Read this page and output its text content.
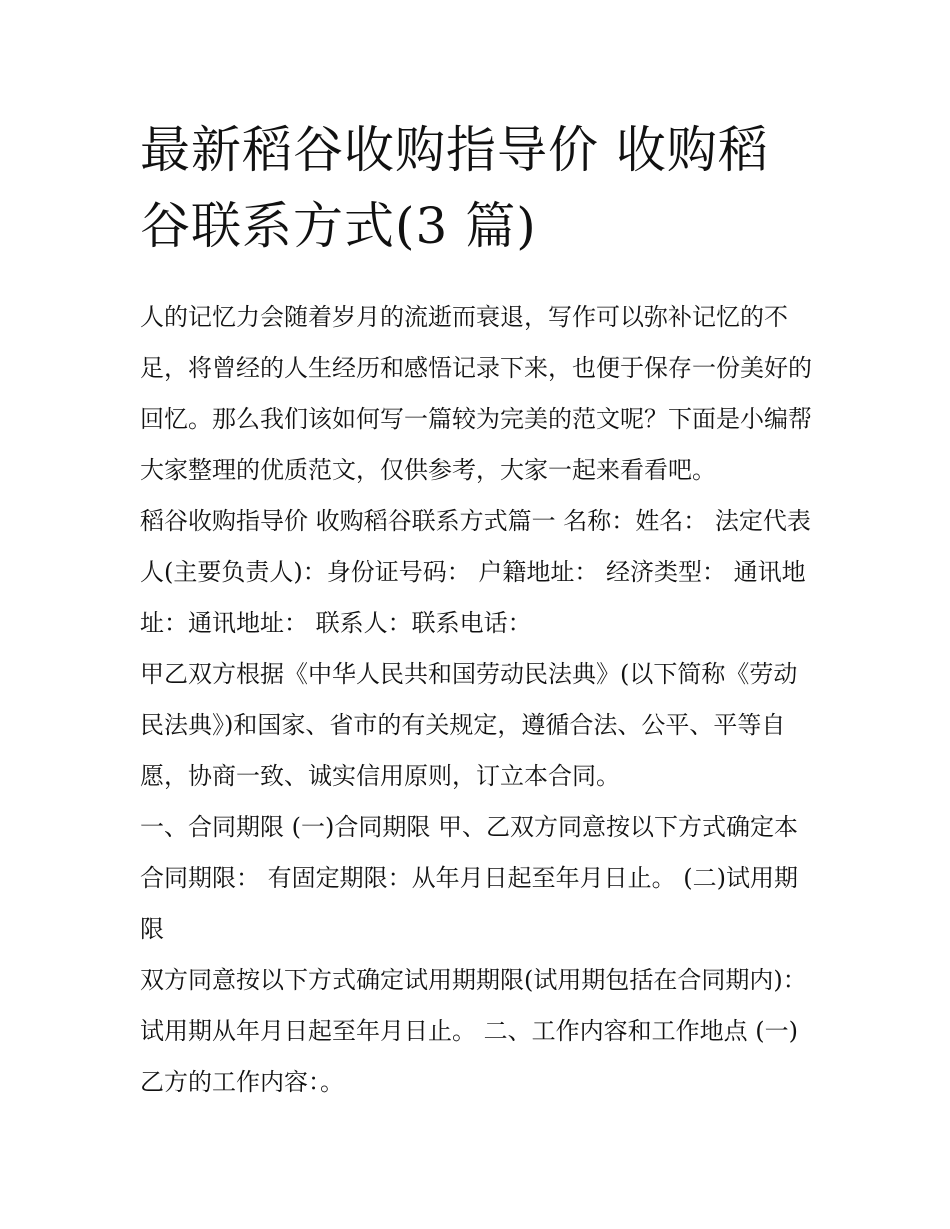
最新稻谷收购指导价 收购稻谷联系方式(3 篇)

人的记忆力会随着岁月的流逝而衰退，写作可以弥补记忆的不足，将曾经的人生经历和感悟记录下来，也便于保存一份美好的回忆。那么我们该如何写一篇较为完美的范文呢？下面是小编帮大家整理的优质范文，仅供参考，大家一起来看看吧。

稻谷收购指导价 收购稻谷联系方式篇一 名称：姓名： 法定代表人(主要负责人)：身份证号码： 户籍地址： 经济类型： 通讯地址：通讯地址： 联系人：联系电话：

甲乙双方根据《中华人民共和国劳动民法典》(以下简称《劳动民法典》)和国家、省市的有关规定，遵循合法、公平、平等自愿，协商一致、诚实信用原则，订立本合同。

一、合同期限 (一)合同期限 甲、乙双方同意按以下方式确定本合同期限： 有固定期限：从年月日起至年月日止。 (二)试用期限

双方同意按以下方式确定试用期期限(试用期包括在合同期内)： 试用期从年月日起至年月日止。 二、工作内容和工作地点 (一)乙方的工作内容：。
